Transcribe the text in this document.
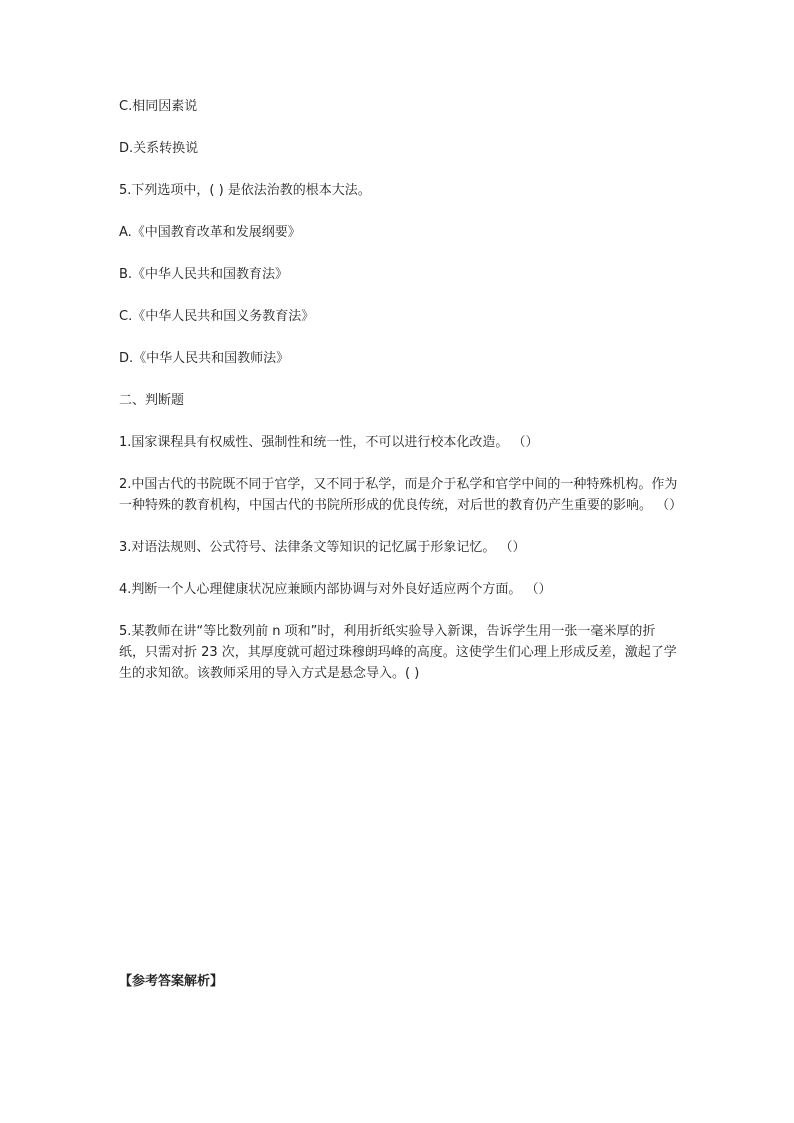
C.相同因素说

D.关系转换说

5.下列选项中，( ) 是依法治教的根本大法。

A.《中国教育改革和发展纲要》

B.《中华人民共和国教育法》

C.《中华人民共和国义务教育法》

D.《中华人民共和国教师法》

二、判断题

1.国家课程具有权威性、强制性和统一性，不可以进行校本化改造。 （）

2.中国古代的书院既不同于官学，又不同于私学，而是介于私学和官学中间的一种特殊机构。作为一种特殊的教育机构，中国古代的书院所形成的优良传统，对后世的教育仍产生重要的影响。 （）

3.对语法规则、公式符号、法律条文等知识的记忆属于形象记忆。 （）

4.判断一个人心理健康状况应兼顾内部协调与对外良好适应两个方面。 （）

5.某教师在讲“等比数列前 n 项和”时，利用折纸实验导入新课，告诉学生用一张一毫米厚的折纸，只需对折 23 次，其厚度就可超过珠穆朗玛峰的高度。这使学生们心理上形成反差，激起了学生的求知欲。该教师采用的导入方式是悬念导入。( )

【参考答案解析】
